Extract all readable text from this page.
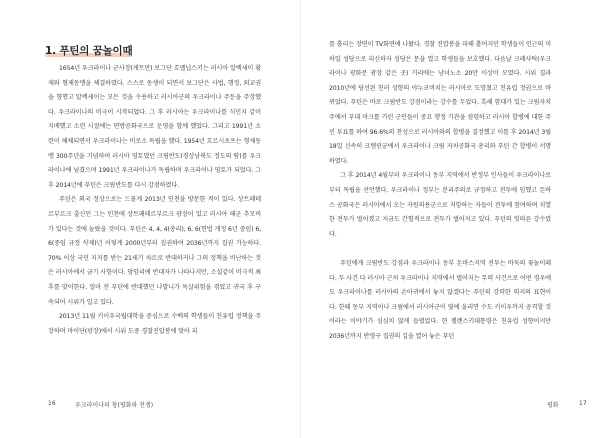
1. 푸틴의 꿈놀이때

1654년 우크라이나 군사장(게트만) 보그단 흐멜닙스키는 러시아 알렉세이 황제와 형제동맹을 체결하였다. 스스로 동생이 되면서 보그단은 사법, 행정, 외교권을 형행고 알렉세이는 모든 것을 수용하고 러시아군의 우크라이나 주둔을 주장했다. 우크라이나의 비극이 시작되었다. 그 후 러시아는 우크라이나를 식민지 같이 지배했고 소련 시절에는 연방공화국으로 운영을 함께 했었다. 그리고 1991년 소련이 해체되면서 우크라이나는 비로소 독립을 했다. 1954년 흐르시초프는 형제동맹 300주년을 기념하며 러시아 영토였던 크림반도(경상남북도 정도의 땅)를 우크라이나에 넘겼으며 1991년 우크라이나가 독립하며 우크라이나 영토가 되었다. 그 후 2014년에 푸틴은 크림반도를 다시 강점하였다.

푸틴은 외국 정상으로는 드물게 2013년 인천을 방문한 적이 있다. 상트페테르부르크 출신인 그는 인천에 상트페테르부르크 광장이 있고 러시아 해군 추모비가 있다는 것에 놀랐을 것이다. 푸틴은 4, 4, 4(총리), 6, 6(헌법 개정 6년 중임) 6, 6(중임 규정 삭제)년 이렇게 2000년부터 집권하여 2036년까지 집권 가능하다. 70% 이상 국민 지지를 받는 21세기 차르로 반대하거나 그의 정책을 비난하는 것은 러시아에서 금기 사항이다. 암암리에 반대자가 나타나지만, 소설같이 비극적 최후를 맞이한다. 얼마 전 푸틴에 반대했던 나발니가 독살위험을 겪었고 귀국 후 구속되어 시위가 일고 있다.

2013년 11월 키이우국립대학을 중심으로 수백의 학생들이 친유럽 정책을 주장하며 마이단(광장)에서 시위 도중 경찰진압봉에 맞아 피

16	우크라이나의 창(평화와 전쟁)

를 흘리는 장면이 TV화면에 나왔다. 경찰 진압봉을 피해 흩어지던 학생들이 인근의 미하일 성당으로 피신하자 성당은 문을 열고 학생들을 보호했다. 다음날 크레샤틱(우크라이나 광화문 광장 같은 곳) 거리에는 남녀노소 20만 이상이 모였다. 시위 결과 2010년에 당선된 친러 성향의 야누코비치는 러시아로 도망쳤고 친유럽 정권으로 바뀌었다. 푸틴은 바로 크림반도 강점이라는 강수를 두었다. 흑해 함대가 있는 크림자치주에서 부대 마크를 가린 군인들이 중요 행정 기관을 점령하고 러시아 합병에 대한 주민 투표를 하여 96.6%의 찬성으로 러시아와의 합병을 결정했고 이틀 후 2014년 3월 18일 신속히 크렘린궁에서 우크라이나 크림 자치공화국 총리와 푸틴 간 합병이 서명하였다.

그 후 2014년 4월부터 우크라이나 동부 지역에서 반정부 인사들이 우크라이나로부터 독립을 선언했다. 우크라이나 정부는 분리주의로 규정하고 전투에 임했고 돈바스 공화국은 러시아에서 오는 자원의용군으로 저항하는 자들이 전투에 참여하며 치열한 전투가 벌어졌고 지금도 간헐적으로 전투가 벌어지고 있다. 푸틴의 잇따른 강수였다.

푸틴에게 크림반도 강점과 우크라이나 동부 돈바스지역 전투는 바둑의 꽃놀이패다. 두 사건 다 러시아 근처 우크라이나 지역에서 벌어지는 무력 사건으로 어떤 경우에도 우크라이나를 러시아의 손아귀에서 놓지 않겠다는 푸틴의 강력한 의지의 표현이다. 한때 동부 지역이나 크림에서 러시아군이 옆에 올리면 수도 키이우까지 공격할 것이라는 이야기가 심심치 않게 들렸었다. 현 젤렌스키대통령은 친유럽 성향이지만 2036년까지 반영구 집권의 길을 열어 놓은 푸틴

평화	17
